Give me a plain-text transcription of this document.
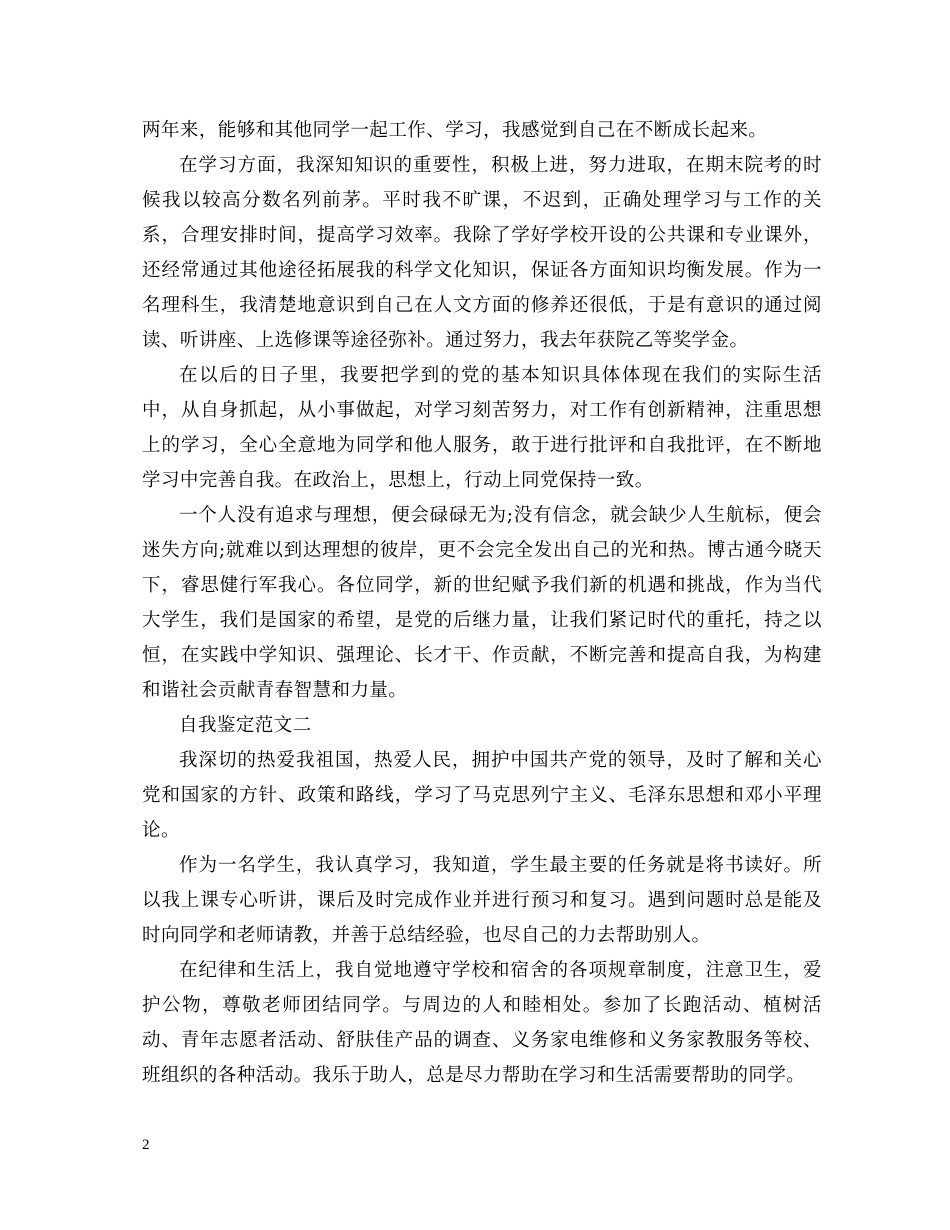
两年来，能够和其他同学一起工作、学习，我感觉到自己在不断成长起来。

在学习方面，我深知知识的重要性，积极上进，努力进取，在期末院考的时候我以较高分数名列前茅。平时我不旷课，不迟到，正确处理学习与工作的关系，合理安排时间，提高学习效率。我除了学好学校开设的公共课和专业课外，还经常通过其他途径拓展我的科学文化知识，保证各方面知识均衡发展。作为一名理科生，我清楚地意识到自己在人文方面的修养还很低，于是有意识的通过阅读、听讲座、上选修课等途径弥补。通过努力，我去年获院乙等奖学金。

在以后的日子里，我要把学到的党的基本知识具体体现在我们的实际生活中，从自身抓起，从小事做起，对学习刻苦努力，对工作有创新精神，注重思想上的学习，全心全意地为同学和他人服务，敢于进行批评和自我批评，在不断地学习中完善自我。在政治上，思想上，行动上同党保持一致。

一个人没有追求与理想，便会碌碌无为;没有信念，就会缺少人生航标，便会迷失方向;就难以到达理想的彼岸，更不会完全发出自己的光和热。博古通今晓天下，睿思健行军我心。各位同学，新的世纪赋予我们新的机遇和挑战，作为当代大学生，我们是国家的希望，是党的后继力量，让我们紧记时代的重托，持之以恒，在实践中学知识、强理论、长才干、作贡献，不断完善和提高自我，为构建和谐社会贡献青春智慧和力量。

自我鉴定范文二

我深切的热爱我祖国，热爱人民，拥护中国共产党的领导，及时了解和关心党和国家的方针、政策和路线，学习了马克思列宁主义、毛泽东思想和邓小平理论。

作为一名学生，我认真学习，我知道，学生最主要的任务就是将书读好。所以我上课专心听讲，课后及时完成作业并进行预习和复习。遇到问题时总是能及时向同学和老师请教，并善于总结经验，也尽自己的力去帮助别人。

在纪律和生活上，我自觉地遵守学校和宿舍的各项规章制度，注意卫生，爱护公物，尊敬老师团结同学。与周边的人和睦相处。参加了长跑活动、植树活动、青年志愿者活动、舒肤佳产品的调查、义务家电维修和义务家教服务等校、班组织的各种活动。我乐于助人，总是尽力帮助在学习和生活需要帮助的同学。

2
